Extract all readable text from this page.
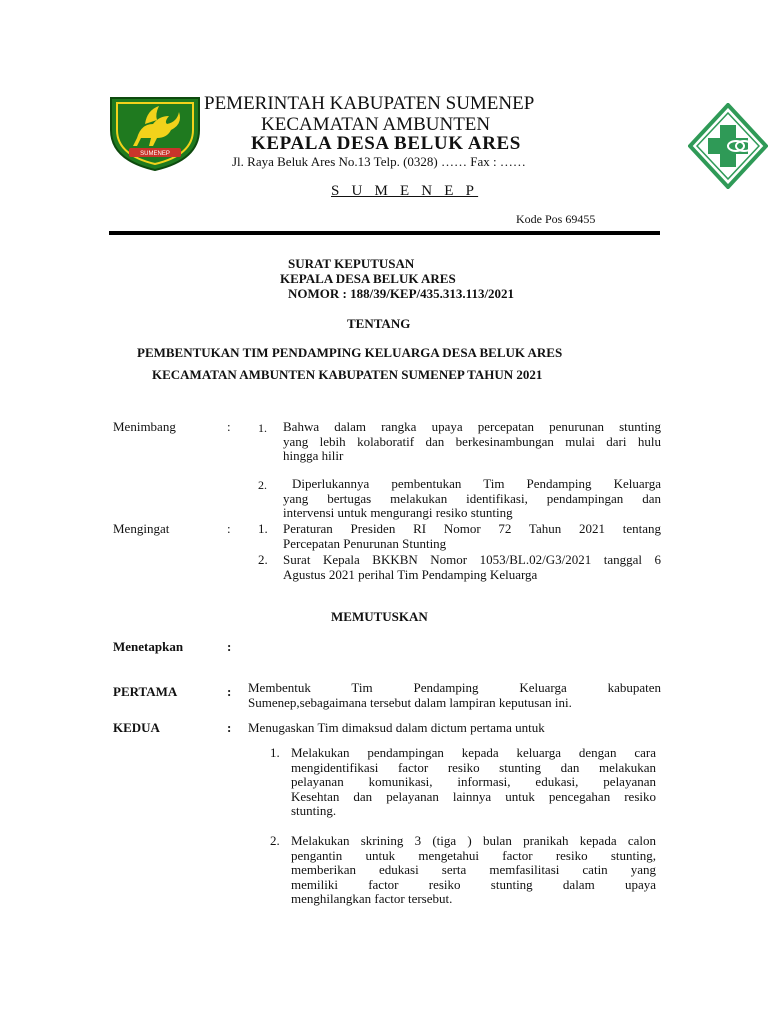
SUMENEP
PEMERINTAH KABUPATEN SUMENEP
KECAMATAN AMBUNTEN
KEPALA DESA BELUK ARES
Jl. Raya Beluk Ares No.13 Telp. (0328) …… Fax : ……
S U M E N E P
Kode Pos 69455
SURAT KEPUTUSAN
KEPALA DESA BELUK ARES
NOMOR : 188/39/KEP/435.313.113/2021
TENTANG
PEMBENTUKAN TIM PENDAMPING KELUARGA DESA BELUK ARES
KECAMATAN AMBUNTEN KABUPATEN SUMENEP TAHUN 2021
Menimbang	: 1. Bahwa dalam rangka upaya percepatan penurunan stunting
yang lebih kolaboratif dan berkesinambungan mulai dari hulu
hingga hilir
2. Diperlukannya pembentukan Tim Pendamping Keluarga
yang bertugas melakukan identifikasi, pendampingan dan
intervensi untuk mengurangi resiko stunting
Mengingat	: 1. Peraturan Presiden RI Nomor 72 Tahun 2021 tentang
Percepatan Penurunan Stunting
2. Surat Kepala BKKBN Nomor 1053/BL.02/G3/2021 tanggal 6
Agustus 2021 perihal Tim Pendamping Keluarga
MEMUTUSKAN
Menetapkan	:
PERTAMA	: Membentuk Tim Pendamping Keluarga kabupaten
Sumenep,sebagaimana tersebut dalam lampiran keputusan ini.
KEDUA	: Menugaskan Tim dimaksud dalam dictum pertama untuk
1. Melakukan pendampingan kepada keluarga dengan cara
mengidentifikasi factor resiko stunting dan melakukan
pelayanan komunikasi, informasi, edukasi, pelayanan
Kesehtan dan pelayanan lainnya untuk pencegahan resiko
stunting.
2. Melakukan skrining 3 (tiga ) bulan pranikah kepada calon
pengantin untuk mengetahui factor resiko stunting,
memberikan edukasi serta memfasilitasi catin yang
memiliki factor resiko stunting dalam upaya
menghilangkan factor tersebut.
